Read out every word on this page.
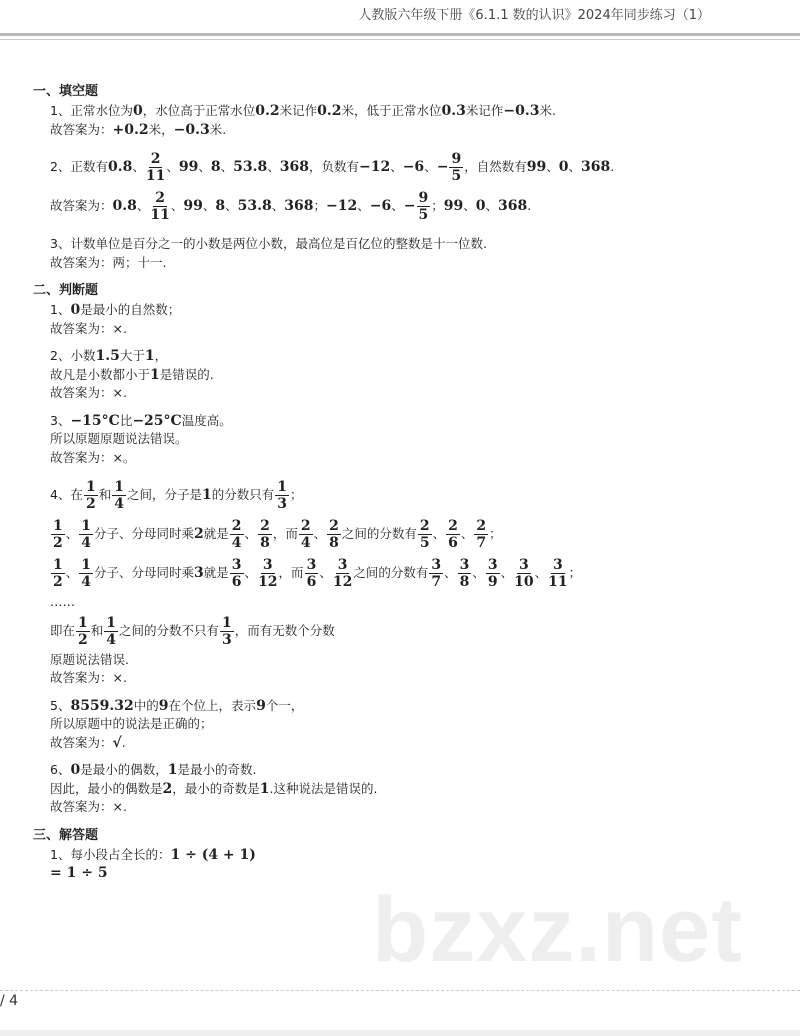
人教版六年级下册《6.1.1 数的认识》2024年同步练习（1）
一、填空题
1、正常水位为 0 ，水位高于正常水位 0.2 米记作 0.2 米，低于正常水位 0.3 米记作 −0.3 米.
故答案为： +0.2 米， −0.3 米.
2、正数有 0.8 、 $\frac{2}{11}$ 、 99 、 8 、 53.8 、 368 ，负数有 −12 、 −6 、 − $\frac{9}{5}$ ，自然数有 99 、 0 、 368 .
故答案为： 0.8 、 $\frac{2}{11}$ 、 99 、 8 、 53.8 、 368 ； −12 、 −6 、 − $\frac{9}{5}$ ； 99 、 0 、 368 .
3、计数单位是百分之一的小数是两位小数，最高位是百亿位的整数是十一位数.
故答案为：两；十一.
二、判断题
1、 0 是最小的自然数；
故答案为：×.
2、小数 1.5 大于 1 ，
故凡是小数都小于 1 是错误的.
故答案为：×.
3、 −15°C 比 −25°C 温度高。
所以原题原题说法错误。
故答案为：×。
4、在 $\frac{1}{2}$ 和 $\frac{1}{4}$ 之间，分子是 1 的分数只有 $\frac{1}{3}$ ；
$\frac{1}{2}$ 、 $\frac{1}{4}$ 分子、分母同时乘 2 就是 $\frac{2}{4}$ 、 $\frac{2}{8}$ ，而 $\frac{2}{4}$ 、 $\frac{2}{8}$ 之间的分数有 $\frac{2}{5}$ 、 $\frac{2}{6}$ 、 $\frac{2}{7}$ ；
$\frac{1}{2}$ 、 $\frac{1}{4}$ 分子、分母同时乘 3 就是 $\frac{3}{6}$ 、 $\frac{3}{12}$ ，而 $\frac{3}{6}$ 、 $\frac{3}{12}$ 之间的分数有 $\frac{3}{7}$ 、 $\frac{3}{8}$ 、 $\frac{3}{9}$ 、 $\frac{3}{10}$ 、 $\frac{3}{11}$ ；
……
即在 $\frac{1}{2}$ 和 $\frac{1}{4}$ 之间的分数不只有 $\frac{1}{3}$ ，而有无数个分数
原题说法错误.
故答案为：×.
5、 8559.32 中的 9 在个位上，表示 9 个一，
所以原题中的说法是正确的；
故答案为： √ .
6、 0 是最小的偶数， 1 是最小的奇数.
因此，最小的偶数是 2 ，最小的奇数是 1 .这种说法是错误的.
故答案为：×.
三、解答题
1、每小段占全长的： 1 ÷ (4 + 1)
= 1 ÷ 5
bzxz.net
/ 4
